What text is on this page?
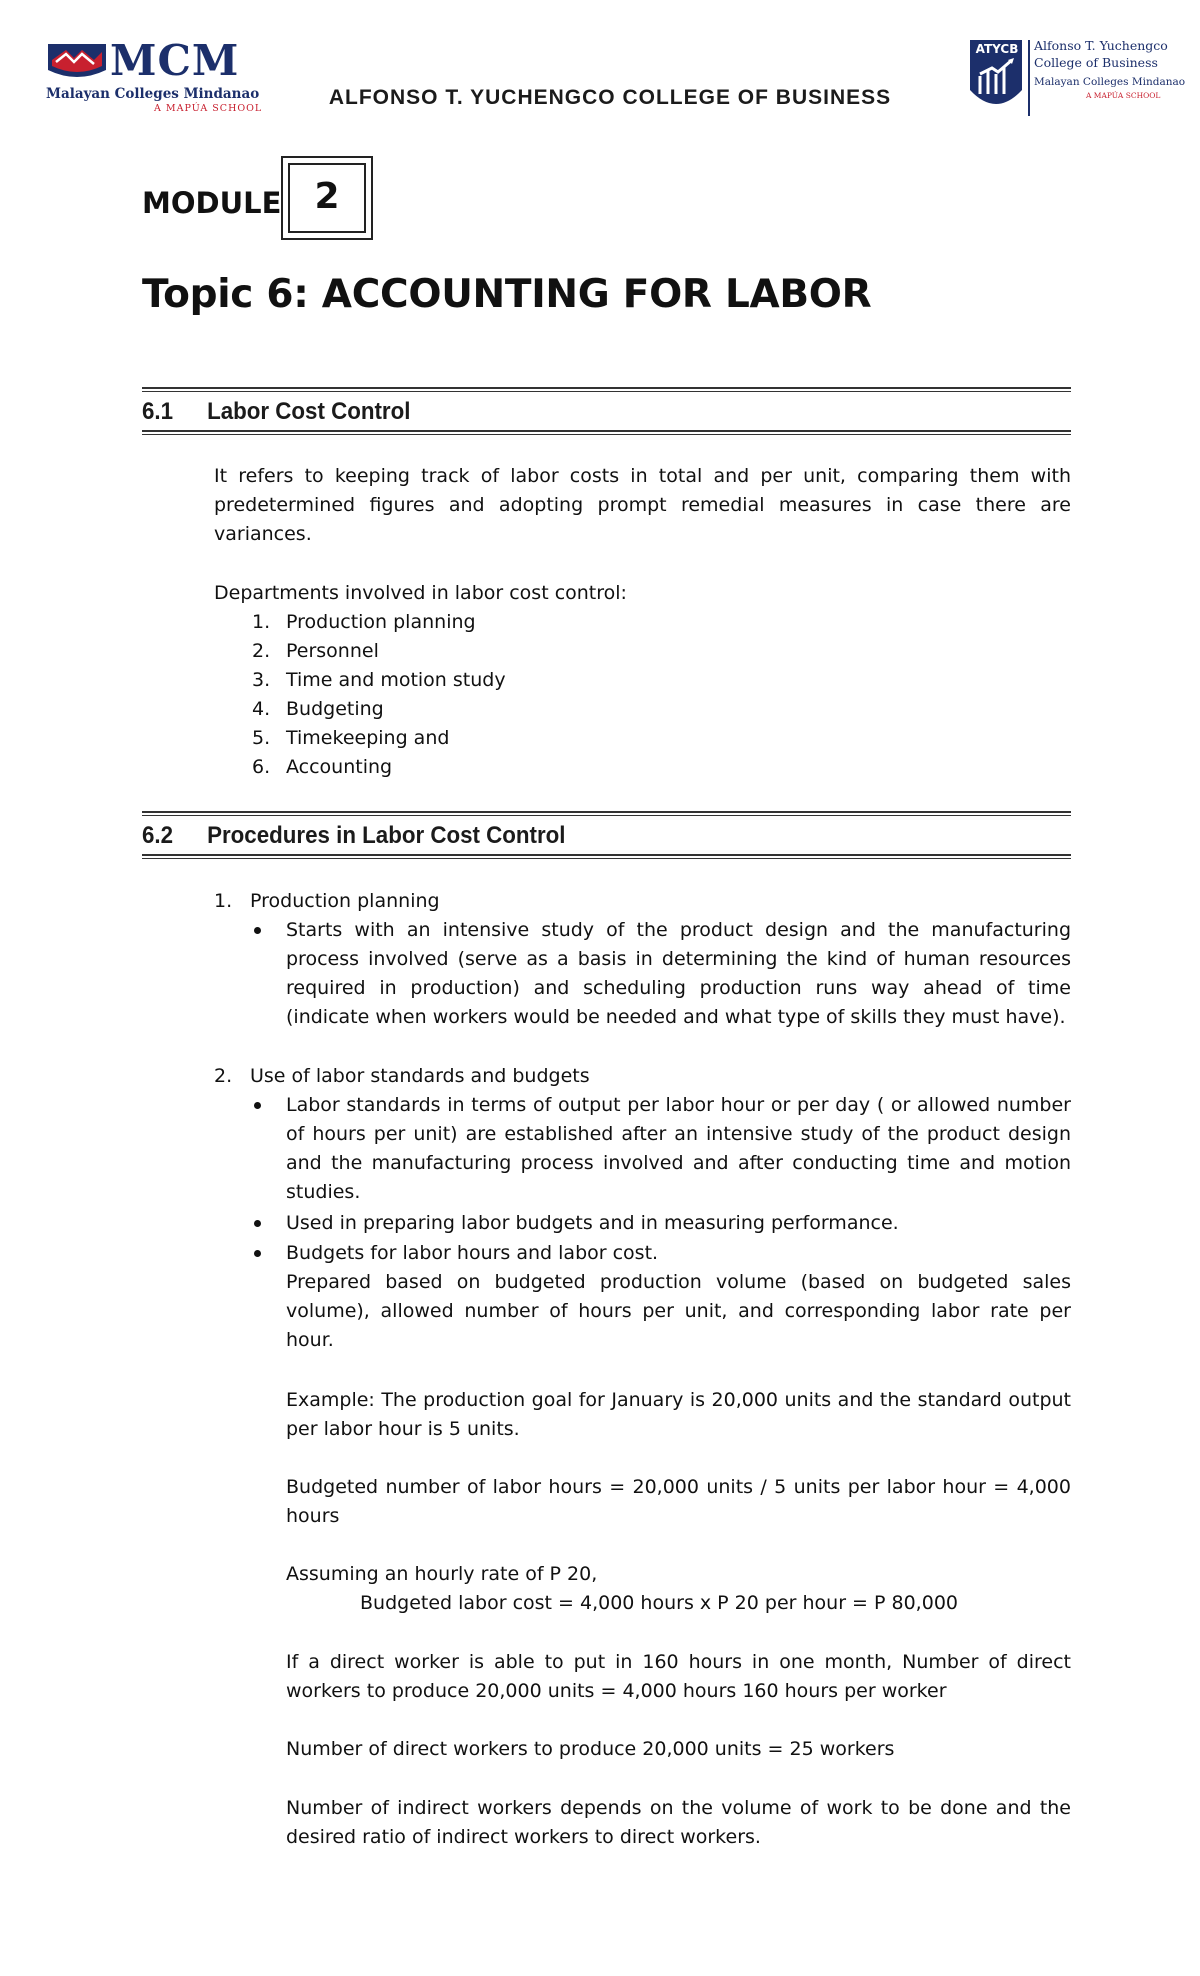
MCM
Malayan Colleges Mindanao
A MAPÚA SCHOOL	ALFONSO T. YUCHENGCO COLLEGE OF BUSINESS
ATYCB Alfonso T. Yuchengco
College of Business
Malayan Colleges Mindanao
A MAPÚA SCHOOL
MODULE 2
Topic 6: ACCOUNTING FOR LABOR
6.1 Labor Cost Control

It refers to keeping track of labor costs in total and per unit, comparing them with predetermined figures and adopting prompt remedial measures in case there are variances.

Departments involved in labor cost control:
1. Production planning
2. Personnel
3. Time and motion study
4. Budgeting
5. Timekeeping and
6. Accounting
6.2 Procedures in Labor Cost Control
1. Production planning

Starts with an intensive study of the product design and the manufacturing process involved (serve as a basis in determining the kind of human resources required in production) and scheduling production runs way ahead of time (indicate when workers would be needed and what type of skills they must have).

2. Use of labor standards and budgets

Labor standards in terms of output per labor hour or per day ( or allowed number of hours per unit) are established after an intensive study of the product design and the manufacturing process involved and after conducting time and motion studies.

Used in preparing labor budgets and in measuring performance.
Budgets for labor hours and labor cost.

Prepared based on budgeted production volume (based on budgeted sales volume), allowed number of hours per unit, and corresponding labor rate per hour.

Example: The production goal for January is 20,000 units and the standard output per labor hour is 5 units.

Budgeted number of labor hours = 20,000 units / 5 units per labor hour = 4,000 hours

Assuming an hourly rate of P 20,
Budgeted labor cost = 4,000 hours x P 20 per hour = P 80,000

If a direct worker is able to put in 160 hours in one month, Number of direct workers to produce 20,000 units = 4,000 hours 160 hours per worker

Number of direct workers to produce 20,000 units = 25 workers

Number of indirect workers depends on the volume of work to be done and the desired ratio of indirect workers to direct workers.
